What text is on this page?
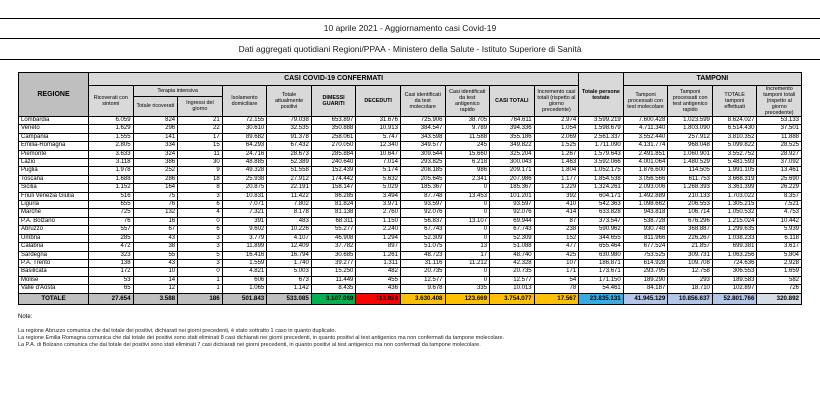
10 aprile 2021 - Aggiornamento casi Covid-19
Dati aggregati quotidiani Regioni/PPAA - Ministero della Salute - Istituto Superiore di Sanità
REGIONE	CASI COVID-19 CONFERMATI											Totale persone testate	TAMPONI			
	Ricoverati con sintomi	Terapia intensiva		Isolamento domiciliare	Totale attualmente positivi	DIMESSI GUARITI	DECEDUTI	Casi identificati da test molecolare	Casi identificati da test antigenico rapido	CASI TOTALI	Incremento casi totali (rispetto al giorno precedente)		Tamponi processati con test molecolare	Tamponi processati con test antigenico rapido	TOTALE tamponi effettuati	Incremento tamponi totali (rispetto al giorno precedente)
		Totale ricoverati	Ingressi del giorno													
Lombardia	6.059	824	21	72.155	79.038	653.897	31.676	725.906	38.705	764.611	2.974	3.599.219	7.600.428	1.023.599	8.624.027	53.133
Veneto	1.629	296	22	30.610	32.535	350.888	10.913	384.547	9.789	394.336	1.054	1.598.679	4.711.340	1.803.090	6.514.430	37.501
Campania	1.555	141	17	89.682	91.378	258.061	5.747	343.598	11.588	355.186	2.069	2.561.337	3.552.440	257.912	3.810.352	11.888
Emilia-Romagna	2.805	334	15	64.293	67.432	270.050	12.340	349.577	245	349.822	1.525	1.711.090	4.131.774	968.048	5.099.822	28.525
Piemonte	3.633	324	11	24.716	28.673	285.884	10.647	309.544	15.660	325.204	1.267	1.579.643	2.491.851	1.060.901	3.552.752	28.927
Lazio	3.118	386	30	48.885	52.389	240.640	7.014	293.825	6.218	300.043	1.463	3.592.066	4.001.064	1.480.529	5.481.593	37.092
Puglia	1.978	252	9	49.328	51.558	152.439	5.174	208.185	986	209.171	1.804	1.052.175	1.876.600	114.505	1.991.105	13.461
Toscana	1.688	286	18	25.938	27.912	174.442	5.632	205.645	2.341	207.986	1.177	1.854.538	3.056.566	611.753	3.668.319	25.690
Sicilia	1.152	164	8	20.875	22.191	158.147	5.029	185.367	0	185.367	1.229	1.324.261	2.093.006	1.268.393	3.361.399	26.229
Friuli Venezia Giulia	516	75	3	10.831	11.422	86.285	3.494	87.748	13.453	101.201	392	604.171	1.492.889	210.133	1.703.022	8.357
Liguria	655	76	6	7.071	7.802	81.824	3.971	93.597	0	93.597	410	542.363	1.098.662	206.553	1.305.215	7.521
Marche	725	132	4	7.321	8.178	81.138	2.760	92.076	0	92.076	414	633.828	943.818	106.714	1.050.532	4.753
P.A. Bolzano	76	16	0	391	483	68.311	1.150	56.837	13.107	69.944	87	373.547	538.728	676.296	1.215.024	10.442
Abruzzo	557	67	6	9.602	10.226	55.277	2.240	67.743	0	67.743	238	590.962	930.748	368.887	1.299.635	5.939
Umbria	285	43	3	3.779	4.107	46.908	1.294	52.309	0	52.309	152	344.655	811.966	226.267	1.038.233	6.118
Calabria	472	38	3	11.899	12.409	37.782	897	51.075	13	51.088	477	655.464	677.524	21.857	699.381	3.617
Sardegna	323	55	5	16.416	16.794	30.685	1.261	48.723	17	48.740	425	630.980	753.525	309.731	1.063.256	5.804
P.A. Trento	138	43	3	1.559	1.740	39.277	1.311	31.116	11.212	42.328	107	186.871	614.928	109.708	724.636	2.928
Basilicata	172	10	0	4.821	5.003	15.250	482	20.735	0	20.735	171	173.671	293.795	12.758	306.553	1.659
Molise	53	14	1	606	673	11.449	455	12.577	0	12.577	54	171.150	189.290	293	189.583	582
Valle d'Aosta	65	12	1	1.065	1.142	8.435	436	9.678	335	10.013	78	54.461	84.187	18.710	102.897	726
TOTALE	27.654	3.588	186	501.843	533.085	3.107.069	113.923	3.630.408	123.669	3.754.077	17.567	23.835.131	41.945.129	10.856.637	52.801.766	320.892
Note:
La regione Abruzzo comunica che dal totale dei positivi, dichiarati nei giorni precedenti, è stato sottratto 1 caso in quanto duplicato.
La regione Emilia Romagna comunica che dal totale dei positivi sono stati eliminati 8 casi dichiarati nei giorni precedenti, in quanto positivi al test antigenico ma non confermati da tampone molecolare.
La P.A. di Bolzano comunica che dal totale dei positivi sono stati eliminati 7 casi dichiarati nei giorni precedenti, in quanto positivi al test antigenico ma non confermati da tampone molecolare.
